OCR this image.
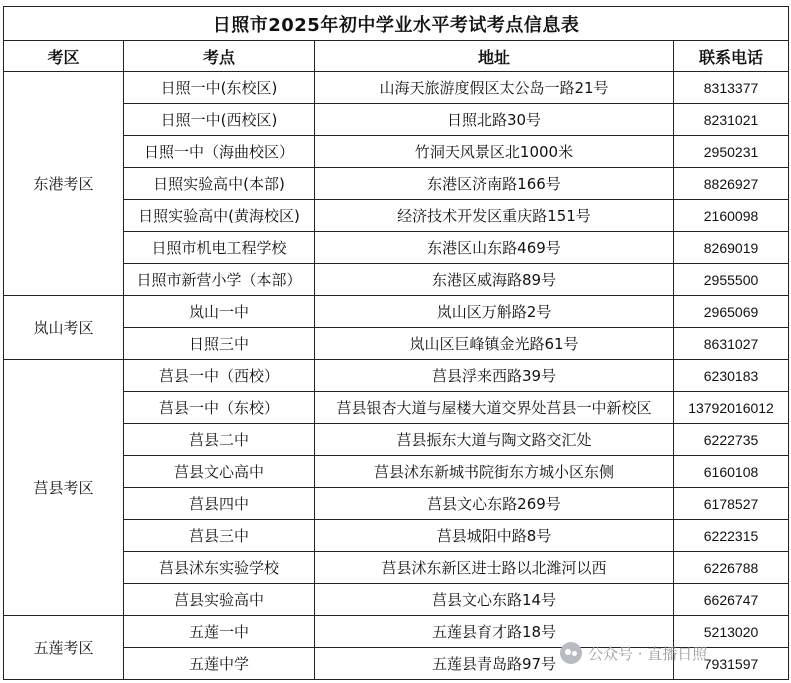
日照市2025年初中学业水平考试考点信息表			
考区	考点	地址	联系电话
东港考区	日照一中(东校区)	山海天旅游度假区太公岛一路21号	8313377
	日照一中(西校区)	日照北路30号	8231021
	日照一中（海曲校区）	竹洞天风景区北1000米	2950231
	日照实验高中(本部)	东港区济南路166号	8826927
	日照实验高中(黄海校区)	经济技术开发区重庆路151号	2160098
	日照市机电工程学校	东港区山东路469号	8269019
	日照市新营小学（本部）	东港区威海路89号	2955500
岚山考区	岚山一中	岚山区万斛路2号	2965069
	日照三中	岚山区巨峰镇金光路61号	8631027
莒县考区	莒县一中（西校）	莒县浮来西路39号	6230183
	莒县一中（东校）	莒县银杏大道与屋楼大道交界处莒县一中新校区	13792016012
	莒县二中	莒县振东大道与陶文路交汇处	6222735
	莒县文心高中	莒县沭东新城书院街东方城小区东侧	6160108
	莒县四中	莒县文心东路269号	6178527
	莒县三中	莒县城阳中路8号	6222315
	莒县沭东实验学校	莒县沭东新区进士路以北潍河以西	6226788
	莒县实验高中	莒县文心东路14号	6626747
五莲考区	五莲一中	五莲县育才路18号	5213020
	五莲中学	五莲县青岛路97号	7931597
公众号 · 直播日照
